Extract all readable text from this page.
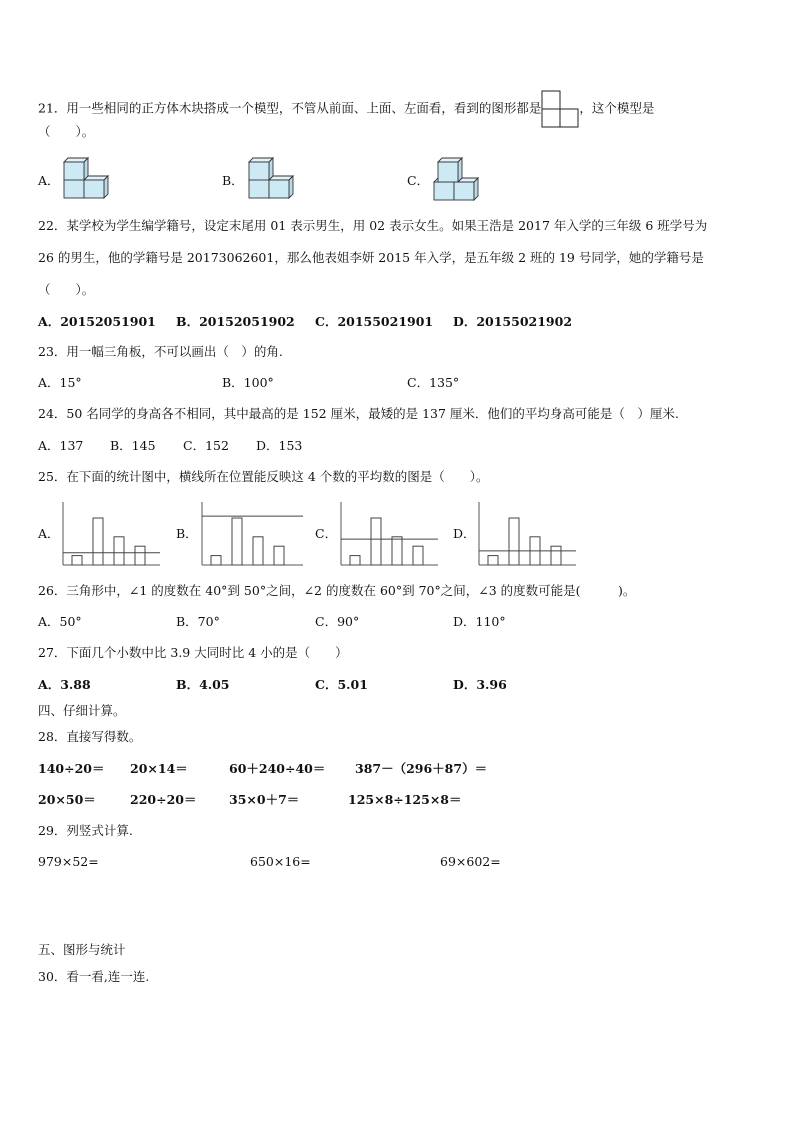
21．用一些相同的正方体木块搭成一个模型，不管从前面、上面、左面看，看到的图形都是	，这个模型是
（　　）。
A．	B．	C．
22．某学校为学生编学籍号，设定末尾用 01 表示男生，用 02 表示女生。如果王浩是 2017 年入学的三年级 6 班学号为
26 的男生，他的学籍号是 20173062601，那么他表姐李妍 2015 年入学，是五年级 2 班的 19 号同学，她的学籍号是
（　　）。
A．20152051901 B．20152051902 C．20155021901 D．20155021902
23．用一幅三角板，不可以画出（　）的角.
A．15°	B．100°	C．135°
24．50 名同学的身高各不相同，其中最高的是 152 厘米，最矮的是 137 厘米．他们的平均身高可能是（　）厘米.
A．137 B．145 C．152 D．153
25．在下面的统计图中，横线所在位置能反映这 4 个数的平均数的图是（　　）。
A．	B．	C．	D．
26．三角形中，∠1 的度数在 40°到 50°之间，∠2 的度数在 60°到 70°之间，∠3 的度数可能是(　　　)。
A．50°	B．70°	C．90°	D．110°
27．下面几个小数中比 3.9 大同时比 4 小的是（　　）
A．3.88	B．4.05	C．5.01	D．3.96
四、仔细计算。
28．直接写得数。
140÷20＝ 20×14＝	60＋240÷40＝ 387－（296＋87）＝
20×50＝	220÷20＝	35×0＋7＝	125×8÷125×8＝
29．列竖式计算.
979×52=	650×16=	69×602=
五、图形与统计
30．看一看,连一连.
